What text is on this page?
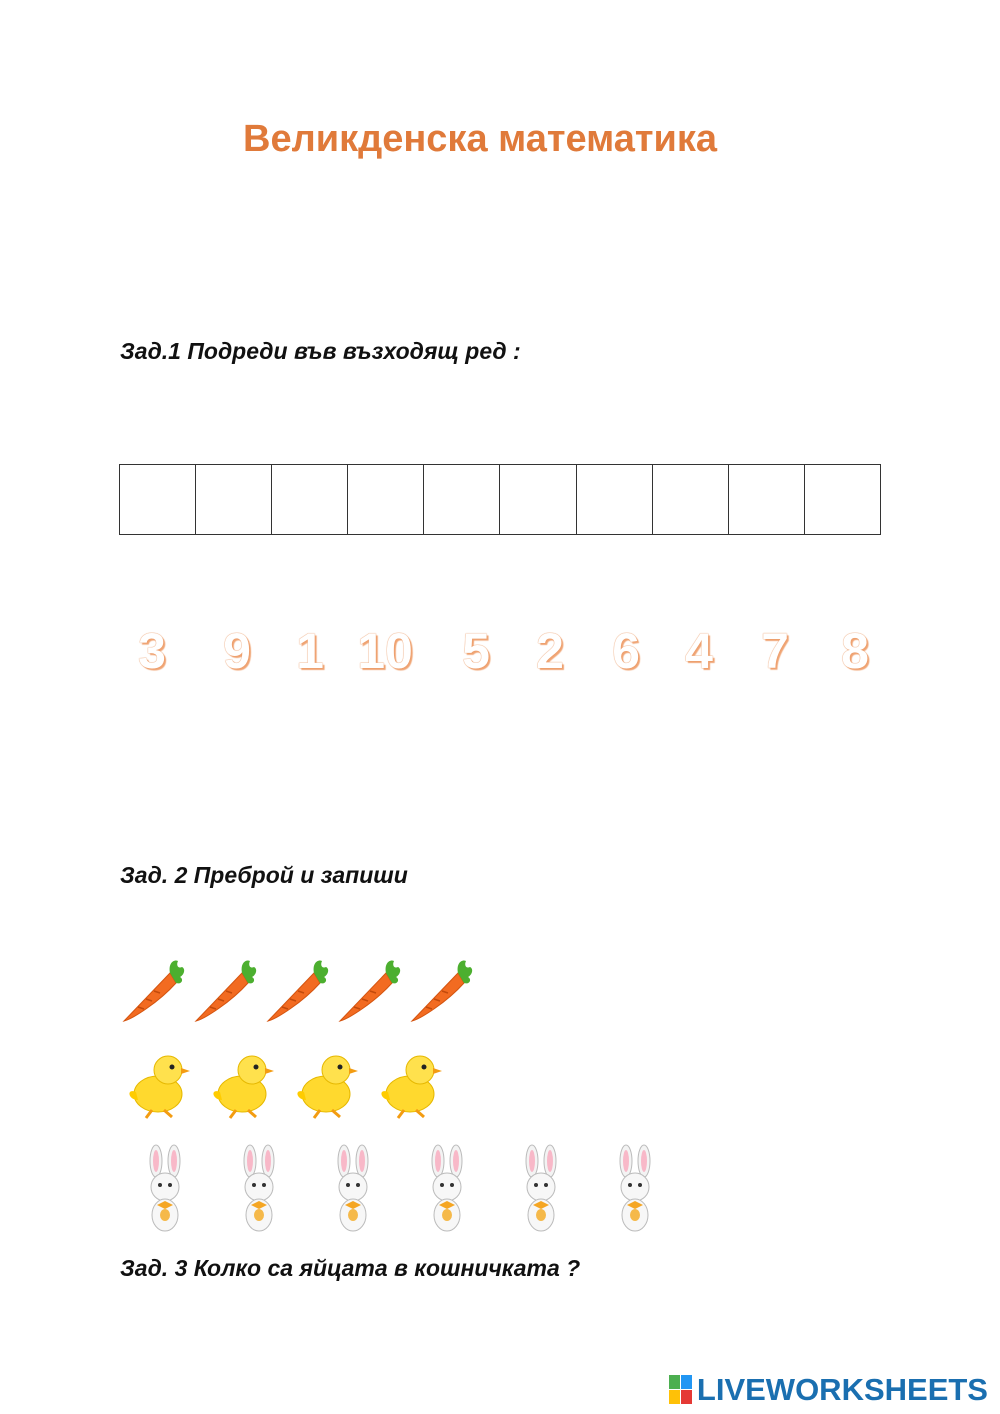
Великденска математика
Зад.1 Подреди във възходящ ред :
3	9 1 10 5 2 6 4 7	8
Зад. 2 Преброй и запиши
Зад. 3 Колко са яйцата в кошничката ?
LIVEWORKSHEETS
